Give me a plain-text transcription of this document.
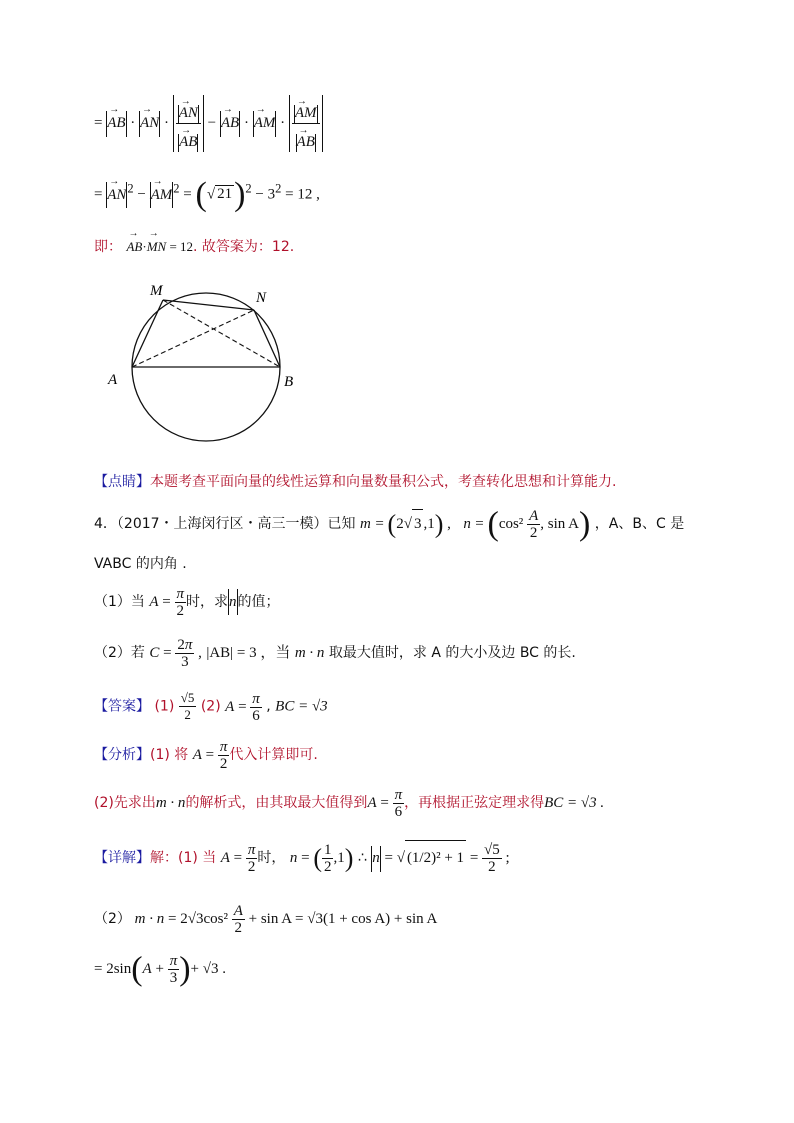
= → AB · → AN · → AN
→ AB − → AB · → AM · → AM
→ AB
= → $AN^2$ − → $AM^2$ = (√ $21)^2 - 3^2 = 12$ ,
即： → AB·→ MN = 12. 故答案为：12.
M	N
A	B
【点睛】本题考查平面向量的线性运算和向量数量积公式，考查转化思想和计算能力.
4．（2017・上海闵行区・高三一模）已知 m = (2√ 3 ,1) , $n = (\cos^2 \frac{A}{2}$ , sin A) ，A、B、C 是
VABC 的内角 .
（1）当 $A = \frac{\pi}{2}$ 时，求n的值；
（2）若 $C = \frac{2\pi}{3}$ , |AB| = 3 ，当 m · n 取最大值时，求 A 的大小及边 BC 的长.
【答案】 $(1) \frac{√5}{2} (2) A = \frac{\pi}{6}$ , BC = √3
【分析】(1) 将 $A = \frac{\pi}{2}$ 代入计算即可.
(2)先求出m · n的解析式，由其取最大值得到$A = \frac{\pi}{6}$ ，再根据正弦定理求得BC = √3 .
【详解】解：(1) 当 $A = \frac{\pi}{2}$ 时， n = ( $\frac{1}{2} ,1$) ∴ n = √ $(1/2)^2 + 1 = \frac{√5}{2}$ ;
（2） $m \cdot n = 2√3\cos^2 \frac{A}{2} + \sin A = √3(1 + \cos A) + \sin A$
= $2\sin(A + \frac{\pi}{3}$ )+ √3 .
